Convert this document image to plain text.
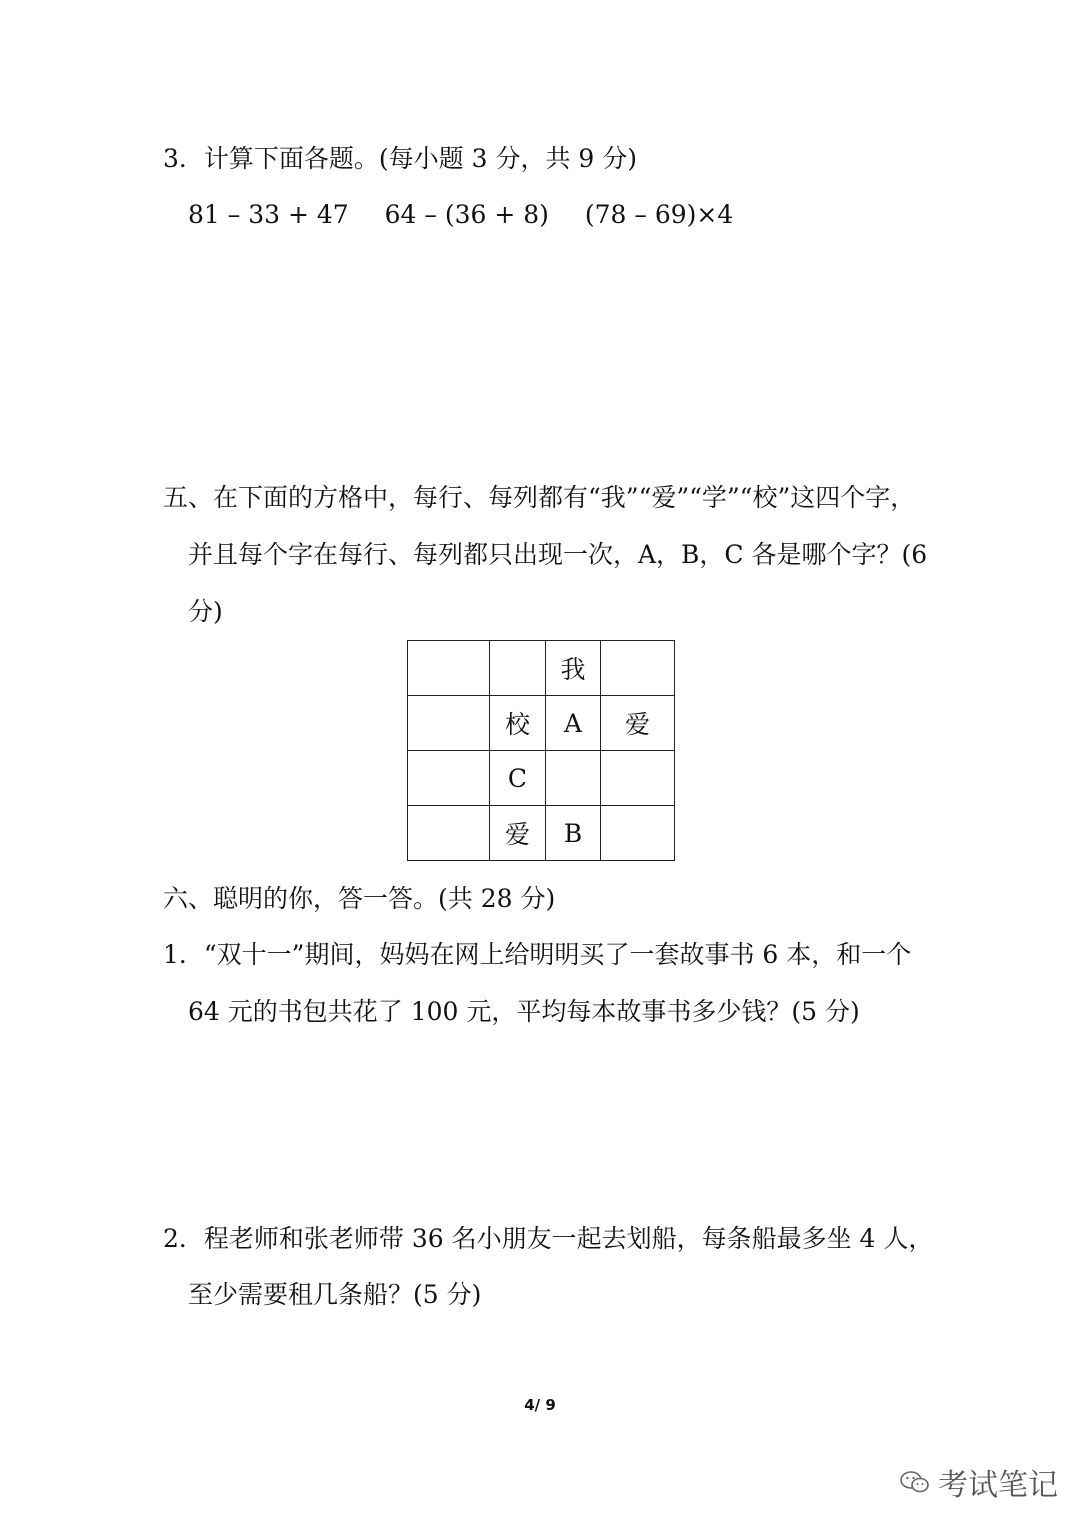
3．计算下面各题。(每小题 3 分，共 9 分)
81 – 33 + 47 64 – (36 + 8) (78 – 69)×4
五、在下面的方格中，每行、每列都有“我”“爱”“学”“校”这四个字，
并且每个字在每行、每列都只出现一次，A，B，C 各是哪个字？(6
分)
		我	
	校	A	爱
	C		
	爱	B	
六、聪明的你，答一答。(共 28 分)
1．“双十一”期间，妈妈在网上给明明买了一套故事书 6 本，和一个
64 元的书包共花了 100 元，平均每本故事书多少钱？(5 分)
2．程老师和张老师带 36 名小朋友一起去划船，每条船最多坐 4 人，
至少需要租几条船？(5 分)
4/ 9
考试笔记
